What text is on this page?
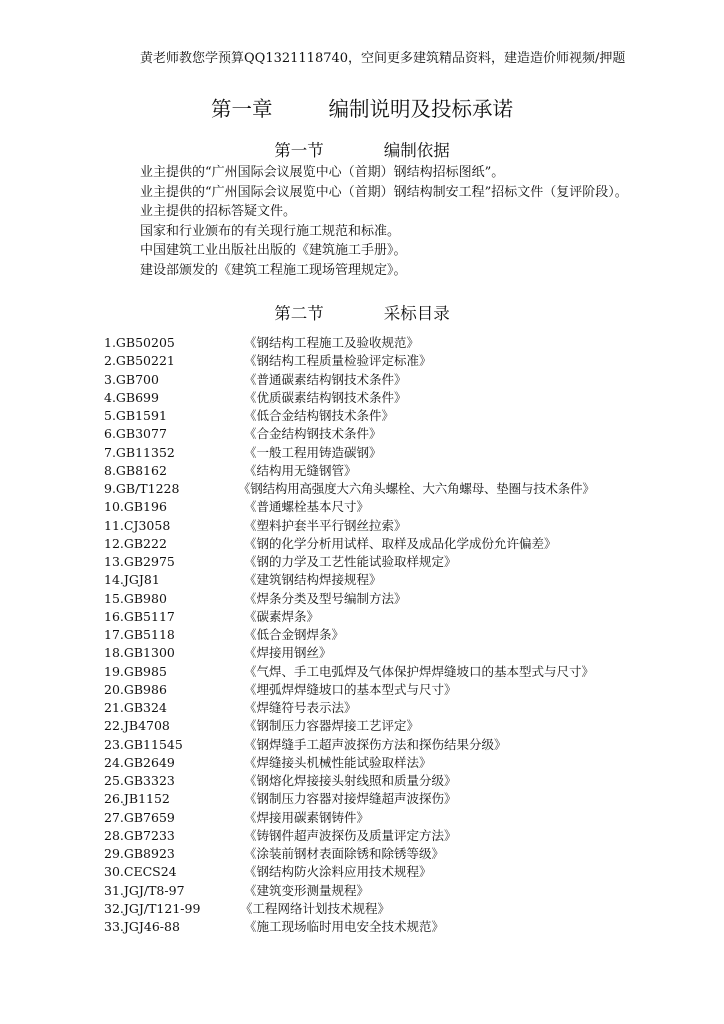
黄老师教您学预算QQ1321118740，空间更多建筑精品资料，建造造价师视频/押题
第一章	编制说明及投标承诺
第一节	编制依据

业主提供的“广州国际会议展览中心（首期）钢结构招标图纸”。

业主提供的“广州国际会议展览中心（首期）钢结构制安工程”招标文件（复评阶段）。

业主提供的招标答疑文件。

国家和行业颁布的有关现行施工规范和标准。

中国建筑工业出版社出版的《建筑施工手册》。

建设部颁发的《建筑工程施工现场管理规定》。

第二节	采标目录
1.GB50205	《钢结构工程施工及验收规范》
2.GB50221	《钢结构工程质量检验评定标准》
3.GB700	《普通碳素结构钢技术条件》
4.GB699	《优质碳素结构钢技术条件》
5.GB1591	《低合金结构钢技术条件》
6.GB3077	《合金结构钢技术条件》
7.GB11352	《一般工程用铸造碳钢》
8.GB8162	《结构用无缝钢管》
9.GB/T1228	《钢结构用高强度大六角头螺栓、大六角螺母、垫圈与技术条件》
10.GB196	《普通螺栓基本尺寸》
11.CJ3058	《塑料护套半平行钢丝拉索》
12.GB222	《钢的化学分析用试样、取样及成品化学成份允许偏差》
13.GB2975	《钢的力学及工艺性能试验取样规定》
14.JGJ81	《建筑钢结构焊接规程》
15.GB980	《焊条分类及型号编制方法》
16.GB5117	《碳素焊条》
17.GB5118	《低合金钢焊条》
18.GB1300	《焊接用钢丝》
19.GB985	《气焊、手工电弧焊及气体保护焊焊缝坡口的基本型式与尺寸》
20.GB986	《埋弧焊焊缝坡口的基本型式与尺寸》
21.GB324	《焊缝符号表示法》
22.JB4708	《钢制压力容器焊接工艺评定》
23.GB11545	《钢焊缝手工超声波探伤方法和探伤结果分级》
24.GB2649	《焊缝接头机械性能试验取样法》
25.GB3323	《钢熔化焊接接头射线照和质量分级》
26.JB1152	《钢制压力容器对接焊缝超声波探伤》
27.GB7659	《焊接用碳素钢铸件》
28.GB7233	《铸钢件超声波探伤及质量评定方法》
29.GB8923	《涂装前钢材表面除锈和除锈等级》
30.CECS24	《钢结构防火涂料应用技术规程》
31.JGJ/T8-97	《建筑变形测量规程》
32.JGJ/T121-99	《工程网络计划技术规程》
33.JGJ46-88	《施工现场临时用电安全技术规范》
